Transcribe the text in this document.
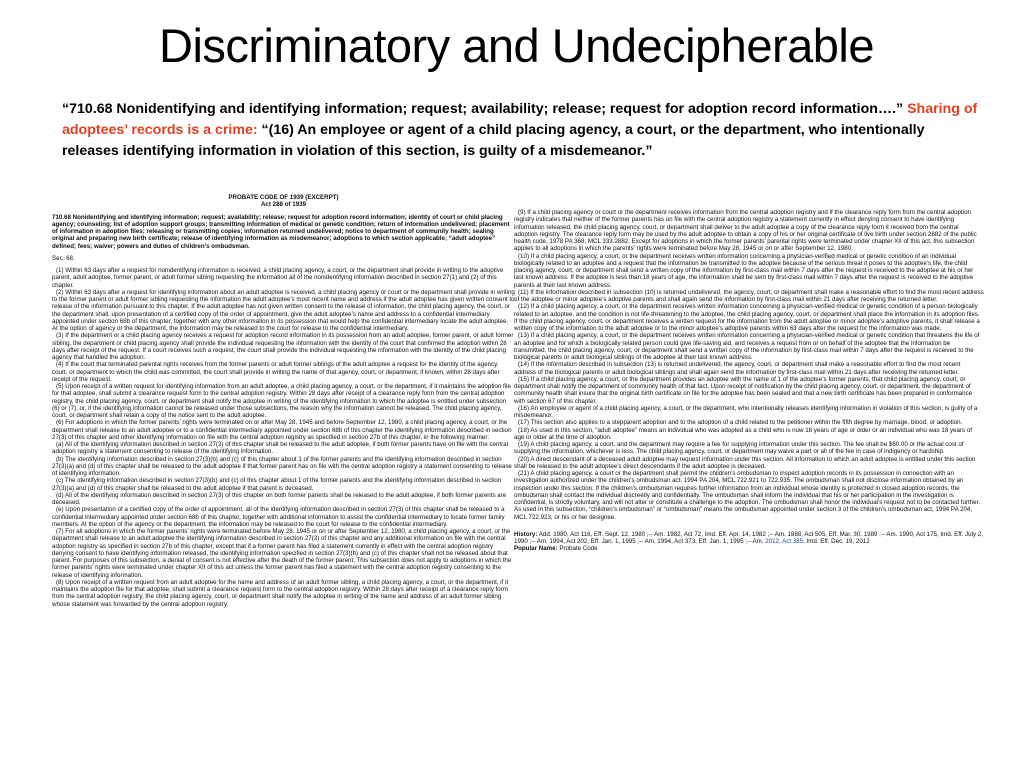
Discriminatory and Undecipherable
“710.68 Nonidentifying and identifying information; request; availability; release; request for adoption record information….” Sharing of adoptees’ records is a crime: “(16) An employee or agent of a child placing agency, a court, or the department, who intentionally releases identifying information in violation of this section, is guilty of a misdemeanor.”

PROBATE CODE OF 1939 (EXCERPT)

Act 288 of 1939

710.68 Nonidentifying and identifying information; request; availability; release; request for adoption record information; identity of court or child placing agency; counseling; list of adoption support groups; transmitting information of medical or genetic condition; return of information undelivered; placement of information in adoption files; releasing or transmitting copies; information returned undelivered; notice to department of community health; sealing original and preparing new birth certificate; release of identifying information as misdemeanor; adoptions to which section applicable; “adult adoptee” defined; fees; waiver; powers and duties of children’s ombudsman.

Sec. 68.

(1) Within 63 days after a request for nonidentifying information is received, a child placing agency, a court, or the department shall provide in writing to the adoptive parent, adult adoptee, former parent, or adult former sibling requesting the information all of the nonidentifying information described in section 27(1) and (2) of this chapter.

(2) Within 63 days after a request for identifying information about an adult adoptee is received, a child placing agency or court or the department shall provide in writing to the former parent or adult former sibling requesting the information the adult adoptee’s most recent name and address if the adult adoptee has given written consent to release of the information pursuant to this chapter. If the adult adoptee has not given written consent to the release of information, the child placing agency, the court, or the department shall, upon presentation of a certified copy of the order of appointment, give the adult adoptee’s name and address to a confidential intermediary appointed under section 68b of this chapter, together with any other information in its possession that would help the confidential intermediary locate the adult adoptee. At the option of agency or the department, the information may be released to the court for release to the confidential intermediary.

(3) If the department or a child placing agency receives a request for adoption record information in its possession from an adult adoptee, former parent, or adult former sibling, the department or child placing agency shall provide the individual requesting the information with the identity of the court that confirmed the adoption within 28 days after receipt of the request. If a court receives such a request, the court shall provide the individual requesting the information with the identity of the child placing agency that handled the adoption.

(4) If the court that terminated parental rights receives from the former parents or adult former siblings of the adult adoptee a request for the identity of the agency, court, or department to which the child was committed, the court shall provide in writing the name of that agency, court, or department, if known, within 28 days after receipt of the request.

(5) Upon receipt of a written request for identifying information from an adult adoptee, a child placing agency, a court, or the department, if it maintains the adoption file for that adoptee, shall submit a clearance request form to the central adoption registry. Within 28 days after receipt of a clearance reply form from the central adoption registry, the child placing agency, court, or department shall notify the adoptee in writing of the identifying information to which the adoptee is entitled under subsection (6) or (7), or, if the identifying information cannot be released under those subsections, the reason why the information cannot be released. The child placing agency, court, or department shall retain a copy of the notice sent to the adult adoptee.

(6) For adoptions in which the former parents’ rights were terminated on or after May 28, 1945 and before September 12, 1980, a child placing agency, a court, or the department shall release to an adult adoptee or to a confidential intermediary appointed under section 68b of this chapter the identifying information described in section 27(3) of this chapter and other identifying information on file with the central adoption registry as specified in section 27b of this chapter, in the following manner:

(a) All of the identifying information described in section 27(3) of this chapter shall be released to the adult adoptee, if both former parents have on file with the central adoption registry a statement consenting to release of the identifying information.

(b) The identifying information described in section 27(3)(b) and (c) of this chapter about 1 of the former parents and the identifying information described in section 27(3)(a) and (d) of this chapter shall be released to the adult adoptee if that former parent has on file with the central adoption registry a statement consenting to release of identifying information.

(c) The identifying information described in section 27(3)(b) and (c) of this chapter about 1 of the former parents and the identifying information described in section 27(3)(a) and (d) of this chapter shall be released to the adult adoptee if that parent is deceased.

(d) All of the identifying information described in section 27(3) of this chapter on both former parents shall be released to the adult adoptee, if both former parents are deceased.

(e) Upon presentation of a certified copy of the order of appointment, all of the identifying information described in section 27(3) of this chapter shall be released to a confidential intermediary appointed under section 68b of this chapter, together with additional information to assist the confidential intermediary to locate former family members. At the option of the agency or the department, the information may be released to the court for release to the confidential intermediary.

(7) For all adoptions in which the former parents’ rights were terminated before May 28, 1945 or on or after September 12, 1980, a child placing agency, a court, or the department shall release to an adult adoptee the identifying information described in section 27(3) of this chapter and any additional information on file with the central adoption registry as specified in section 27b of this chapter, except that if a former parent has filed a statement currently in effect with the central adoption registry denying consent to have identifying information released, the identifying information specified in section 27(3)(b) and (c) of this chapter shall not be released about that parent. For purposes of this subsection, a denial of consent is not effective after the death of the former parent. This subsection does not apply to adoptions in which the former parents’ rights were terminated under chapter XII of this act unless the former parent has filed a statement with the central adoption registry consenting to the release of identifying information.

(8) Upon receipt of a written request from an adult adoptee for the name and address of an adult former sibling, a child placing agency, a court, or the department, if it maintains the adoption file for that adoptee, shall submit a clearance request form to the central adoption registry. Within 28 days after receipt of a clearance reply form from the central adoption registry, the child placing agency, court, or department shall notify the adoptee in writing of the name and address of an adult former sibling whose statement was forwarded by the central adoption registry.

(9) If a child placing agency or court or the department receives information from the central adoption registry and if the clearance reply form from the central adoption registry indicates that neither of the former parents has on file with the central adoption registry a statement currently in effect denying consent to have identifying information released, the child placing agency, court, or department shall deliver to the adult adoptee a copy of the clearance reply form it received from the central adoption registry. The clearance reply form may be used by the adult adoptee to obtain a copy of his or her original certificate of live birth under section 2882 of the public health code, 1978 PA 368, MCL 333.2882. Except for adoptions in which the former parents’ parental rights were terminated under chapter XII of this act, this subsection applies to all adoptions in which the parents’ rights were terminated before May 28, 1945 or on or after September 12, 1980.

(10) If a child placing agency, a court, or the department receives written information concerning a physician-verified medical or genetic condition of an individual biologically related to an adoptee and a request that the information be transmitted to the adoptee because of the serious threat it poses to the adoptee’s life, the child placing agency, court, or department shall send a written copy of the information by first-class mail within 7 days after the request is received to the adoptee at his or her last known address. If the adoptee is less than 18 years of age, the information shall be sent by first-class mail within 7 days after the request is received to the adoptive parents at their last known address.

(11) If the information described in subsection (10) is returned undelivered, the agency, court, or department shall make a reasonable effort to find the most recent address of the adoptee or minor adoptee’s adoptive parents and shall again send the information by first-class mail within 21 days after receiving the returned letter.

(12) If a child placing agency, a court, or the department receives written information concerning a physician-verified medical or genetic condition of a person biologically related to an adoptee, and the condition is not life-threatening to the adoptee, the child placing agency, court, or department shall place the information in its adoption files. If the child placing agency, court, or department receives a written request for the information from the adult adoptee or minor adoptee’s adoptive parents, it shall release a written copy of the information to the adult adoptee or to the minor adoptee’s adoptive parents within 63 days after the request for the information was made.

(13) If a child placing agency, a court, or the department receives written information concerning a physician-verified medical or genetic condition that threatens the life of an adoptee and for which a biologically related person could give life-saving aid, and receives a request from or on behalf of the adoptee that the information be transmitted, the child placing agency, court, or department shall send a written copy of the information by first-class mail within 7 days after the request is received to the biological parents or adult biological siblings of the adoptee at their last known address.

(14) If the information described in subsection (13) is returned undelivered, the agency, court, or department shall make a reasonable effort to find the most recent address of the biological parents or adult biological siblings and shall again send the information by first-class mail within 21 days after receiving the returned letter.

(15) If a child placing agency, a court, or the department provides an adoptee with the name of 1 of the adoptee’s former parents, that child placing agency, court, or department shall notify the department of community health of that fact. Upon receipt of notification by the child placing agency, court, or department, the department of community health shall insure that the original birth certificate on file for the adoptee has been sealed and that a new birth certificate has been prepared in conformance with section 67 of this chapter.

(16) An employee or agent of a child placing agency, a court, or the department, who intentionally releases identifying information in violation of this section, is guilty of a misdemeanor.

(17) This section also applies to a stepparent adoption and to the adoption of a child related to the petitioner within the fifth degree by marriage, blood, or adoption.

(18) As used in this section, “adult adoptee” means an individual who was adopted as a child who is now 18 years of age or older or an individual who was 18 years of age or older at the time of adoption.

(19) A child placing agency, a court, and the department may require a fee for supplying information under this section. The fee shall be $60.00 or the actual cost of supplying the information, whichever is less. The child placing agency, court, or department may waive a part or all of the fee in case of indigency or hardship.

(20) A direct descendant of a deceased adult adoptee may request information under this section. All information to which an adult adoptee is entitled under this section shall be released to the adult adoptee’s direct descendants if the adult adoptee is deceased.

(21) A child placing agency, a court or the department shall permit the children’s ombudsman to inspect adoption records in its possession in connection with an investigation authorized under the children’s ombudsman act, 1994 PA 204, MCL 722.921 to 722.935. The ombudsman shall not disclose information obtained by an inspection under this section. If the children’s ombudsman requires further information from an individual whose identity is protected in closed adoption records, the ombudsman shall contact the individual discreetly and confidentially. The ombudsman shall inform the individual that his or her participation in the investigation is confidential, is strictly voluntary, and will not alter or constitute a challenge to the adoption. The ombudsman shall honor the individual’s request not to be contacted further. As used in this subsection, “children’s ombudsman” or “ombudsman” means the ombudsman appointed under section 3 of the children’s ombudsman act, 1994 PA 204, MCL 722.923, or his or her designee.

History: Add. 1980, Act 116, Eff. Sept. 12, 1980 ;-- Am. 1982, Act 72, Imd. Eff. Apr. 14, 1982 ;-- Am. 1988, Act 505, Eff. Mar. 30, 1989 ;-- Am. 1990, Act 175, Imd. Eff. July 2, 1990 ;-- Am. 1994, Act 202, Eff. Jan. 1, 1995 ;-- Am. 1994, Act 373, Eff. Jan. 1, 1995 ;-- Am. 2012, Act 385, Imd. Eff. Dec. 19, 2012

Popular Name: Probate Code
